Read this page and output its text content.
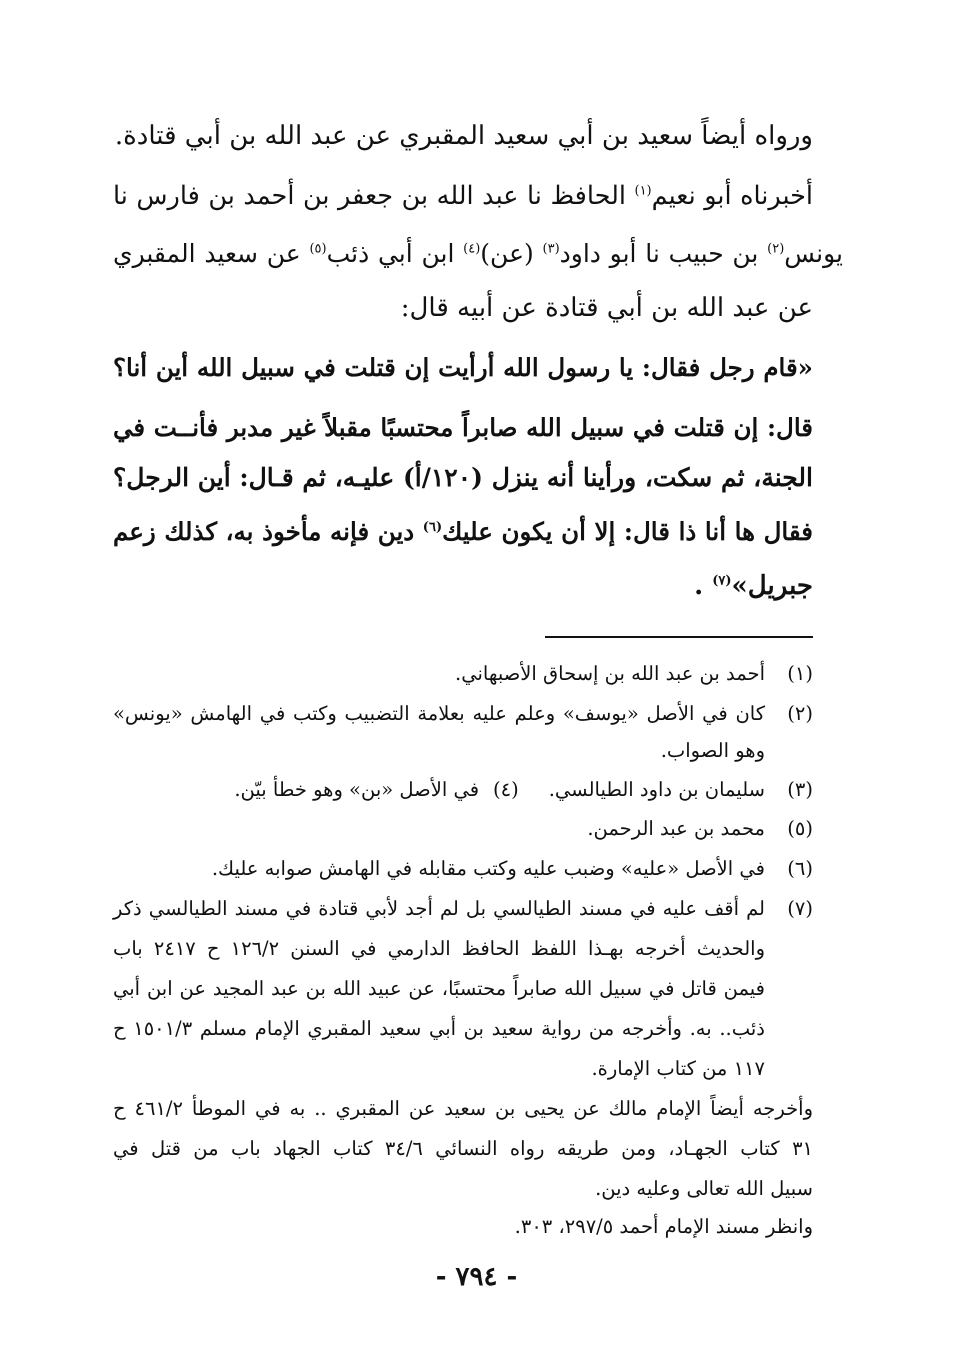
ورواه أيضاً سعيد بن أبي سعيد المقبري عن عبد الله بن أبي قتادة.
أخبرناه أبو نعيم$^{(١)}$ الحافظ نا عبد الله بن جعفر بن أحمد بن فارس نا
يونس$^{(٢)}$ بن حبيب نا أبو داود$^{(٣)}$ (عن)$^{(٤)}$ ابن أبي ذئب$^{(٥)}$ عن سعيد المقبري
عن عبد الله بن أبي قتادة عن أبيه قال:
«قام رجل فقال: يا رسول الله أرأيت إن قتلت في سبيل الله أين أنا؟
قال: إن قتلت في سبيل الله صابراً محتسبًا مقبلاً غير مدبر فأنــت في
الجنة، ثم سكت، ورأينا أنه ينزل (١٢٠/أ) عليـه، ثم قـال: أين الرجل؟
فقال ها أنا ذا قال: إلا أن يكون عليك$^{(٦)}$ دين فإنه مأخوذ به، كذلك زعم
جبريل»$^{(٧)}$ .
(١)أحمد بن عبد الله بن إسحاق الأصبهاني.
(٢)كان في الأصل «يوسف» وعلم عليه بعلامة التضبيب وكتب في الهامش «يونس»
وهو الصواب.
(٣)سليمان بن داود الطيالسي.(٤)في الأصل «بن» وهو خطأ بيّن.
(٥)محمد بن عبد الرحمن.
(٦)في الأصل «عليه» وضبب عليه وكتب مقابله في الهامش صوابه عليك.
(٧)لم أقف عليه في مسند الطيالسي بل لم أجد لأبي قتادة في مسند الطيالسي ذكر
والحديث أخرجه بهـذا اللفظ الحافظ الدارمي في السنن ١٢٦/٢ ح ٢٤١٧ باب
فيمن قاتل في سبيل الله صابراً محتسبًا، عن عبيد الله بن عبد المجيد عن ابن أبي
ذئب.. به. وأخرجه من رواية سعيد بن أبي سعيد المقبري الإمام مسلم ١٥٠١/٣ ح
١١٧ من كتاب الإمارة.
وأخرجه أيضاً الإمام مالك عن يحيى بن سعيد عن المقبري .. به في الموطأ ٤٦١/٢ ح
٣١ كتاب الجهـاد، ومن طريقه رواه النسائي ٣٤/٦ كتاب الجهاد باب من قتل في
سبيل الله تعالى وعليه دين.
وانظر مسند الإمام أحمد ٢٩٧/٥، ٣٠٣.
- ٧٩٤ -
